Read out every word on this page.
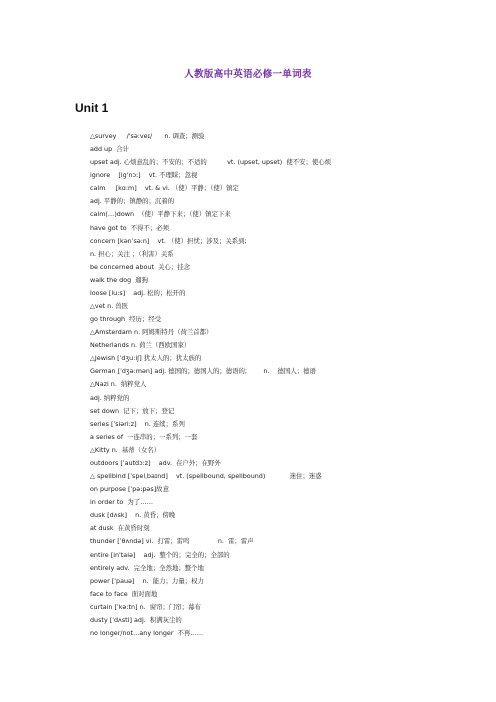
人教版高中英语必修一单词表
Unit 1
△survey     /'sə:veɪ/      n. 调查；测验
add up  合计
upset adj. 心烦意乱的；不安的；不适的          vt. (upset, upset)  使不安；使心烦
ignore    [ig'nɔ:]    vt. 不理睬；忽视
calm     [kɑ:m]    vt. & vi. （使）平静；（使）镇定
adj. 平静的；镇静的；沉着的
calm(…)down  （使）平静下来；（使）镇定下来
have got to  不得不；必须
concern [kənˈsə:n]    vt. （使）担忧；涉及；关系到;
n. 担心；关注 ；（利害）关系
be concerned about  关心；挂念
walk the dog  遛狗
loose [lu:s]    adj. 松的；松开的
△vet n. 兽医
go through  经历；经受
△Amsterdam n. 阿姆斯特丹（荷兰首都）
Netherlands n. 荷兰（西欧国家）
△Jewish [ˈdʒu:iʃ] 犹太人的；犹太族的
German [ˈdʒə:mən] adj. 德国的；德国人的；德语的;        n.    德国人；德语
△Nazi n.  纳粹党人
adj. 纳粹党的
set down  记下；放下；登记
series [ˈsiəri:z]    n. 连续；系列
a series of  一连串的；一系列；一套
△Kitty n.  基蒂（女名）
outdoors [ˈautdɔ:z]    adv.  在户外；在野外
△ spellbind [ˈspelˌbaɪnd]    vt. (spellbound, spellbound)            迷住；迷惑
on purpose [ˈpə:pəs]故意
in order to  为了……
dusk [dʌsk]    n. 黄昏；傍晚
at dusk  在黄昏时刻
thunder [ˈθʌndə] vi.  打雷；雷鸣              n.  雷；雷声
entire [inˈtaiə]    adj.  整个的；完全的；全部的
entirely adv.  完全地；全然地；整个地
power [ˈpauə]    n.  能力；力量；权力
face to face  面对面地
curtain [ˈkə:tn] n.  窗帘；门帘；幕布
dusty [ˈdʌsti] adj.  积满灰尘的
no longer/not…any longer  不再……
